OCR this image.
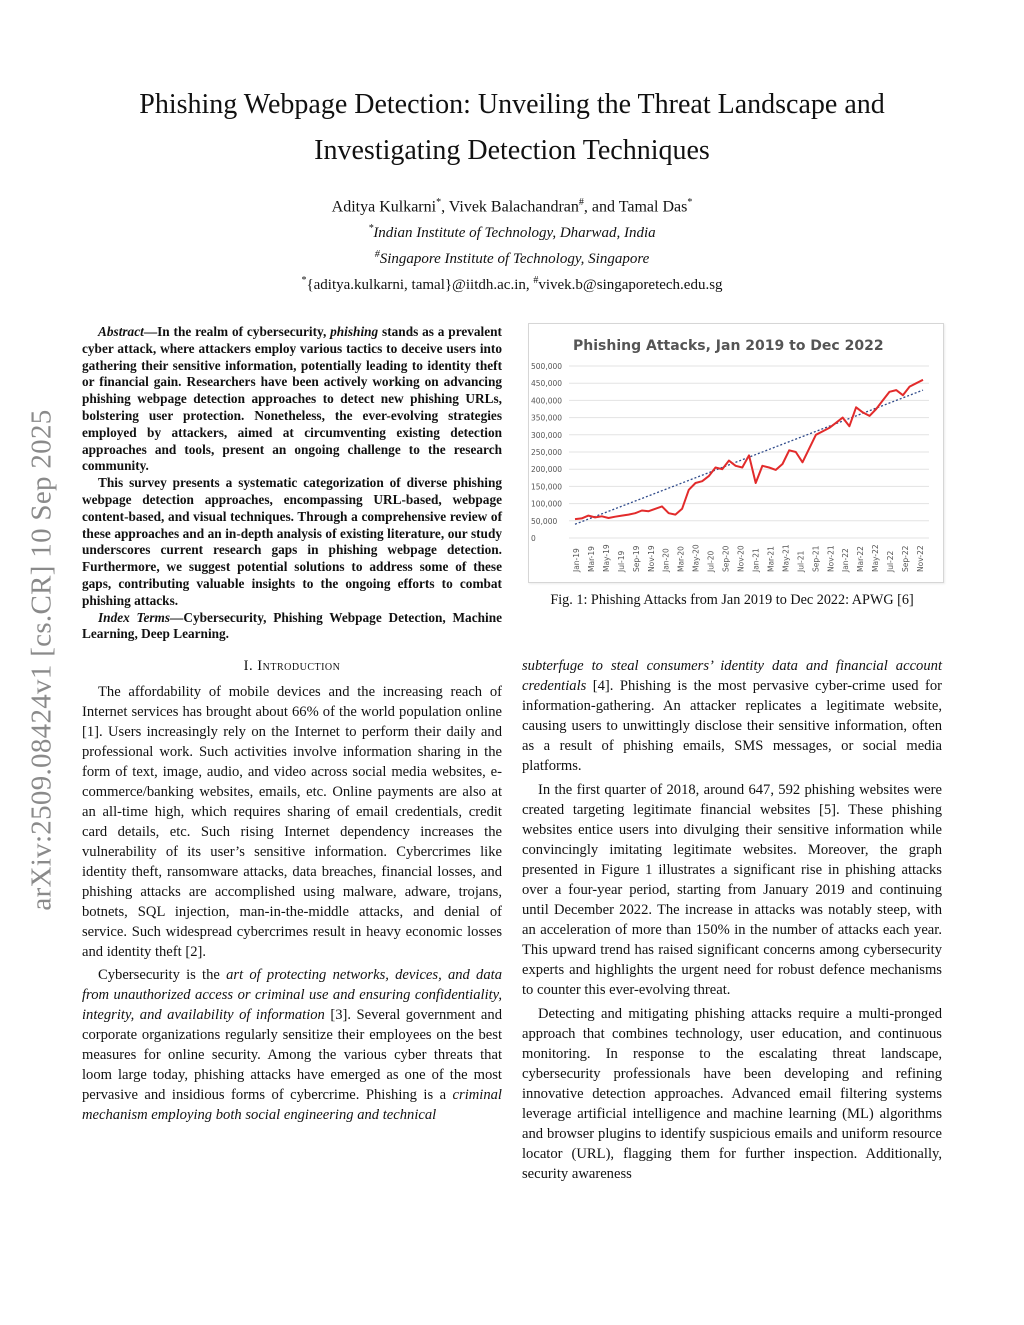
arXiv:2509.08424v1 [cs.CR] 10 Sep 2025
Phishing Webpage Detection: Unveiling the Threat Landscape and
Investigating Detection Techniques
Aditya Kulkarni*, Vivek Balachandran#, and Tamal Das*
*Indian Institute of Technology, Dharwad, India
#Singapore Institute of Technology, Singapore
*{aditya.kulkarni, tamal}@iitdh.ac.in, #vivek.b@singaporetech.edu.sg

Abstract—In the realm of cybersecurity, phishing stands as a prevalent cyber attack, where attackers employ various tactics to deceive users into gathering their sensitive information, potentially leading to identity theft or financial gain. Researchers have been actively working on advancing phishing webpage detection approaches to detect new phishing URLs, bolstering user protection. Nonetheless, the ever-evolving strategies employed by attackers, aimed at circumventing existing detection approaches and tools, present an ongoing challenge to the research community.

This survey presents a systematic categorization of diverse phishing webpage detection approaches, encompassing URL-based, webpage content-based, and visual techniques. Through a comprehensive review of these approaches and an in-depth analysis of existing literature, our study underscores current research gaps in phishing webpage detection. Furthermore, we suggest potential solutions to address some of these gaps, contributing valuable insights to the ongoing efforts to combat phishing attacks.

Index Terms—Cybersecurity, Phishing Webpage Detection, Machine Learning, Deep Learning.

I. Introduction

The affordability of mobile devices and the increasing reach of Internet services has brought about 66% of the world population online [1]. Users increasingly rely on the Internet to perform their daily and professional work. Such activities involve information sharing in the form of text, image, audio, and video across social media websites, e-commerce/banking websites, emails, etc. Online payments are also at an all-time high, which requires sharing of email credentials, credit card details, etc. Such rising Internet dependency increases the vulnerability of its user’s sensitive information. Cybercrimes like identity theft, ransomware attacks, data breaches, financial losses, and phishing attacks are accomplished using malware, adware, trojans, botnets, SQL injection, man-in-the-middle attacks, and denial of service. Such widespread cybercrimes result in heavy economic losses and identity theft [2].

Cybersecurity is the art of protecting networks, devices, and data from unauthorized access or criminal use and ensuring confidentiality, integrity, and availability of information [3]. Several government and corporate organizations regularly sensitize their employees on the best measures for online security. Among the various cyber threats that loom large today, phishing attacks have emerged as one of the most pervasive and insidious forms of cybercrime. Phishing is a criminal mechanism employing both social engineering and technical

Phishing Attacks, Jan 2019 to Dec 2022
0
50,000
100,000
150,000
200,000
250,000
300,000
350,000
400,000
450,000
500,000
Jan-19 Mar-19 May-19 Jul-19 Sep-19 Nov-19 Jan-20 Mar-20 May-20 Jul-20 Sep-20 Nov-20 Jan-21 Mar-21 May-21 Jul-21 Sep-21 Nov-21 Jan-22 Mar-22 May-22 Jul-22 Sep-22 Nov-22
Fig. 1: Phishing Attacks from Jan 2019 to Dec 2022: APWG [6]

subterfuge to steal consumers’ identity data and financial account credentials [4]. Phishing is the most pervasive cyber-crime used for information-gathering. An attacker replicates a legitimate website, causing users to unwittingly disclose their sensitive information, often as a result of phishing emails, SMS messages, or social media platforms.

In the first quarter of 2018, around 647, 592 phishing websites were created targeting legitimate financial websites [5]. These phishing websites entice users into divulging their sensitive information while convincingly imitating legitimate websites. Moreover, the graph presented in Figure 1 illustrates a significant rise in phishing attacks over a four-year period, starting from January 2019 and continuing until December 2022. The increase in attacks was notably steep, with an acceleration of more than 150% in the number of attacks each year. This upward trend has raised significant concerns among cybersecurity experts and highlights the urgent need for robust defence mechanisms to counter this ever-evolving threat.

Detecting and mitigating phishing attacks require a multi-pronged approach that combines technology, user education, and continuous monitoring. In response to the escalating threat landscape, cybersecurity professionals have been developing and refining innovative detection approaches. Advanced email filtering systems leverage artificial intelligence and machine learning (ML) algorithms and browser plugins to identify suspicious emails and uniform resource locator (URL), flagging them for further inspection. Additionally, security awareness
